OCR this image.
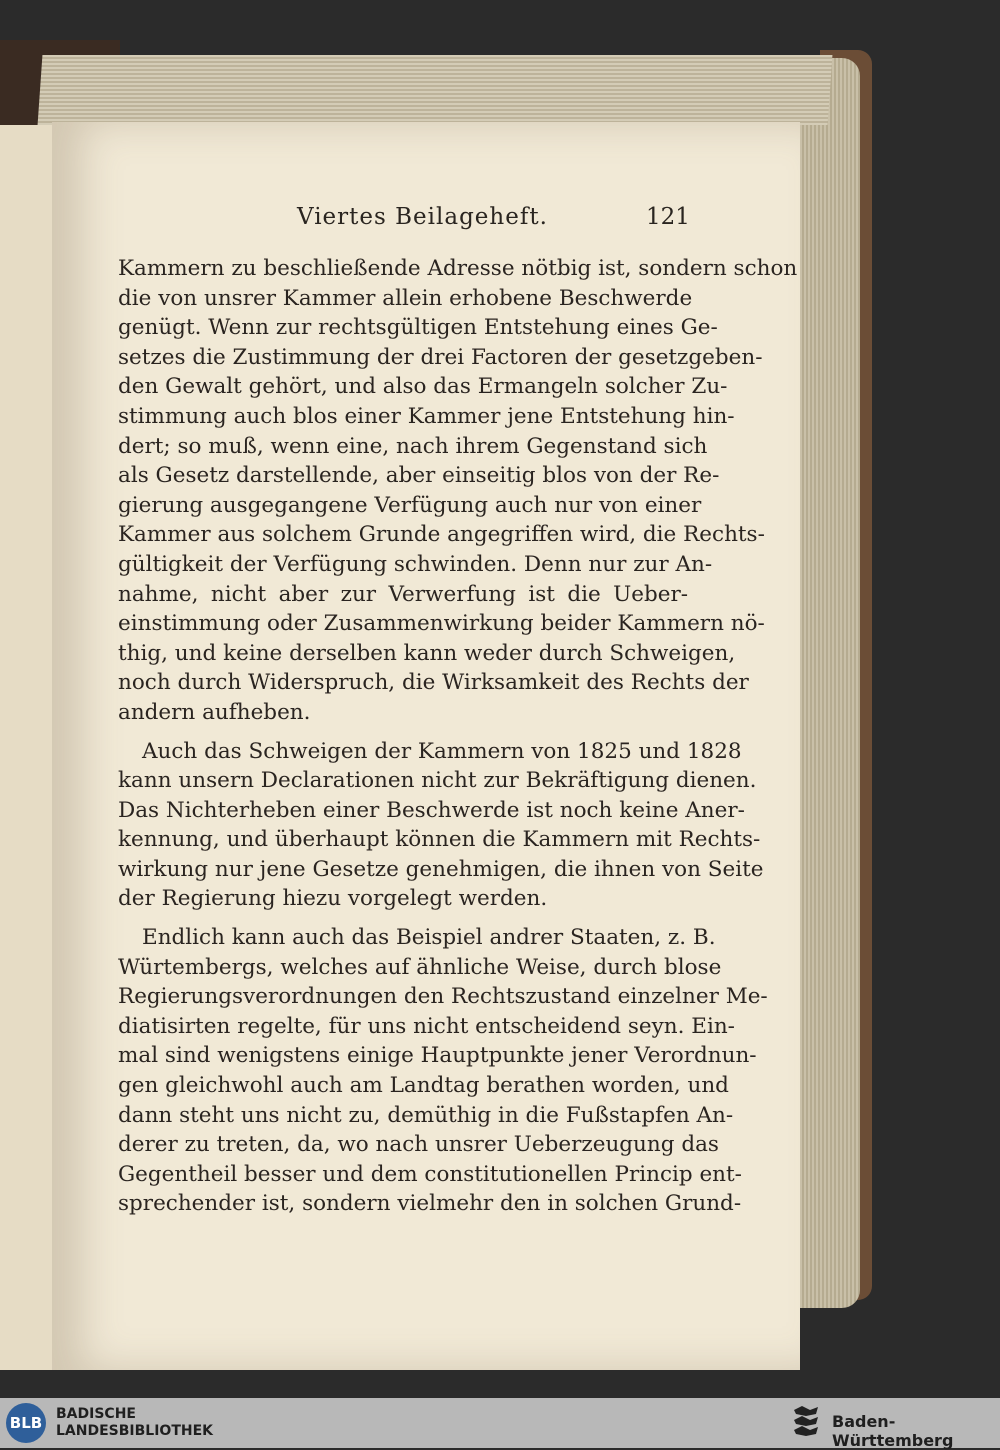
Viertes Beilageheft.	121
Kammern zu beschließende Adresse nötbig ist, sondern schon
die von unsrer Kammer allein erhobene Beschwerde
genügt. Wenn zur rechtsgültigen Entstehung eines Ge-
setzes die Zustimmung der drei Factoren der gesetzgeben-
den Gewalt gehört, und also das Ermangeln solcher Zu-
stimmung auch blos einer Kammer jene Entstehung hin-
dert; so muß, wenn eine, nach ihrem Gegenstand sich
als Gesetz darstellende, aber einseitig blos von der Re-
gierung ausgegangene Verfügung auch nur von einer
Kammer aus solchem Grunde angegriffen wird, die Rechts-
gültigkeit der Verfügung schwinden. Denn nur zur An-
nahme, nicht aber zur Verwerfung ist die Ueber-
einstimmung oder Zusammenwirkung beider Kammern nö-
thig, und keine derselben kann weder durch Schweigen,
noch durch Widerspruch, die Wirksamkeit des Rechts der
andern aufheben.
Auch das Schweigen der Kammern von 1825 und 1828
kann unsern Declarationen nicht zur Bekräftigung dienen.
Das Nichterheben einer Beschwerde ist noch keine Aner-
kennung, und überhaupt können die Kammern mit Rechts-
wirkung nur jene Gesetze genehmigen, die ihnen von Seite
der Regierung hiezu vorgelegt werden.
Endlich kann auch das Beispiel andrer Staaten, z. B.
Würtembergs, welches auf ähnliche Weise, durch blose
Regierungsverordnungen den Rechtszustand einzelner Me-
diatisirten regelte, für uns nicht entscheidend seyn. Ein-
mal sind wenigstens einige Hauptpunkte jener Verordnun-
gen gleichwohl auch am Landtag berathen worden, und
dann steht uns nicht zu, demüthig in die Fußstapfen An-
derer zu treten, da, wo nach unsrer Ueberzeugung das
Gegentheil besser und dem constitutionellen Princip ent-
sprechender ist, sondern vielmehr den in solchen Grund-
BLB BADISCHE
LANDESBIBLIOTHEK	Baden-Württemberg
